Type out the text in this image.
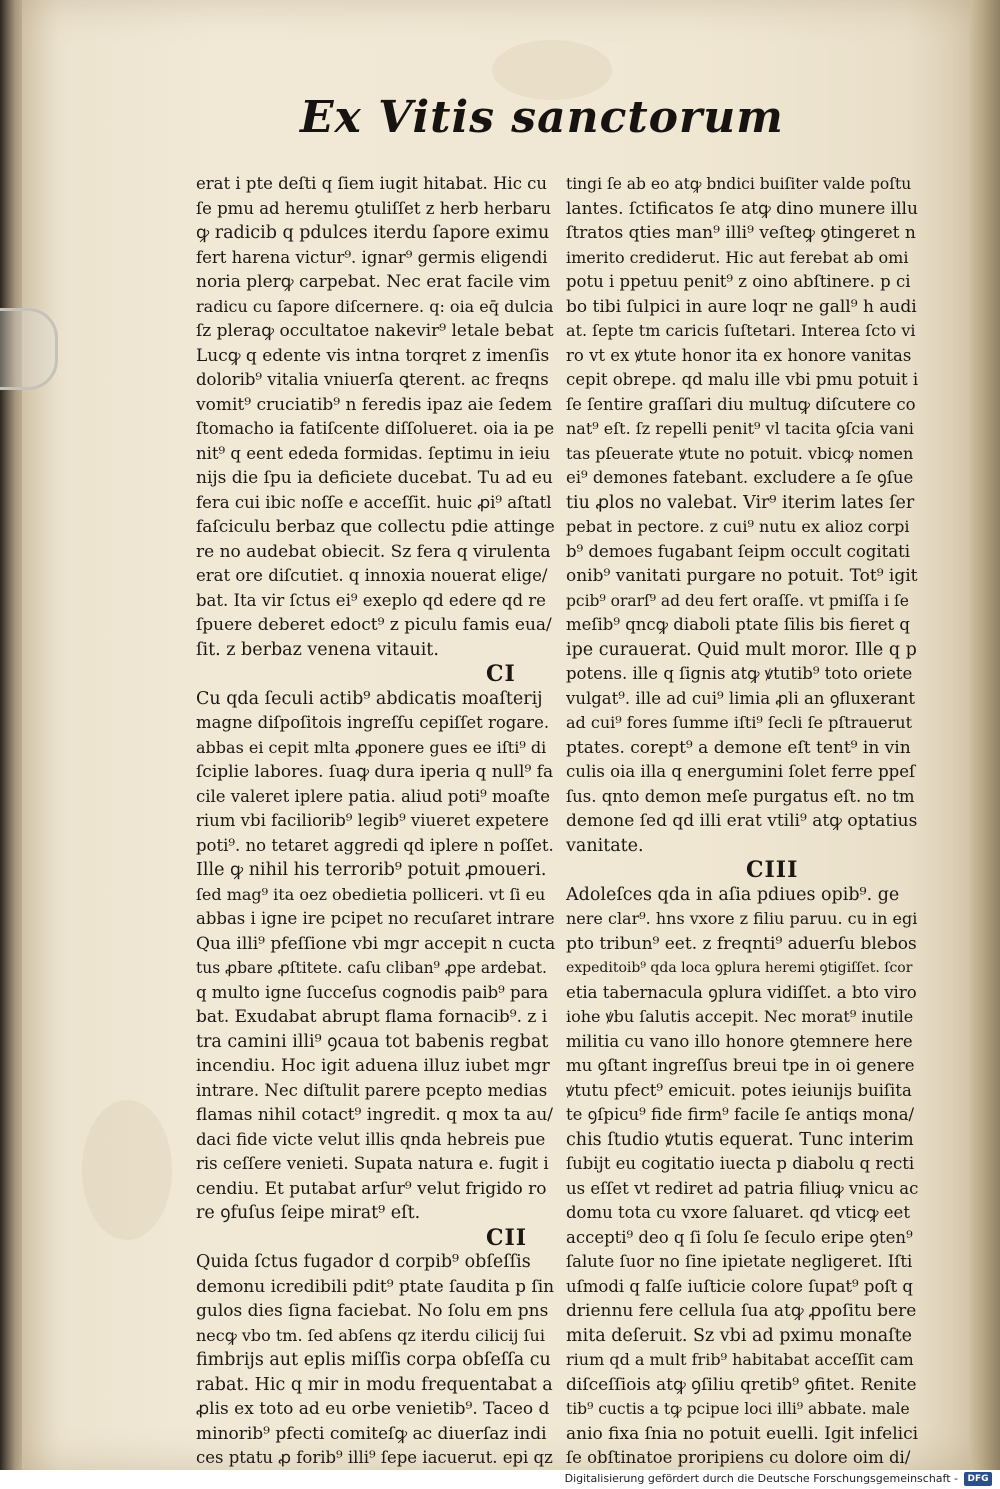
Ex Vitis sanctorum
erat i pte deſti q ſiem iugit hitabat. Hic cu
ſe pmu ad heremu ꝯtuliſſet z herb herbaru
ꝙ radicib q pdulces iterdu ſapore eximu
fert harena victur⁹. ignar⁹ germis eligendi
noria plerꝙ carpebat. Nec erat facile vim
radicu cu ſapore diſcernere. q: oia eq̄ dulcia
ſz pleraꝙ occultatoe nakevir⁹ letale bebat
Lucꝙ q edente vis intna torqret z imenſis
dolorib⁹ vitalia vniuerſa ꝗterent. ac freqns
vomit⁹ cruciatib⁹ n feredis ipaz aie ſedem
ſtomacho ia fatiſcente diſſolueret. oia ia pe
nit⁹ q eent ededa formidas. ſeptimu in ieiu
nijs die ſpu ia deficiete ducebat. Tu ad eu
fera cui ibic noſſe e acceſſit. huic ꝓi⁹ aſtatl
faſciculu berbaz que collectu pdie attinge
re no audebat obiecit. Sz fera q virulenta
erat ore diſcutiet. q innoxia nouerat elige/
bat. Ita vir ſctus ei⁹ exeplo qd edere qd re
ſpuere deberet edoct⁹ z piculu famis eua/
ſit. z berbaz venena vitauit.
CI
Cu qda ſeculi actib⁹ abdicatis moaſterij
magne diſpoſitois ingreſſu cepiſſet rogare.
abbas ei cepit mlta ꝓponere gues ee iſti⁹ di
ſciplie labores. ſuaꝙ dura iperia q null⁹ fa
cile valeret iplere patia. aliud poti⁹ moaſte
rium vbi faciliorib⁹ legib⁹ viueret expetere
poti⁹. no tetaret aggredi qd iplere n poſſet.
Ille ꝙ nihil his terrorib⁹ potuit ꝓmoueri.
ſed mag⁹ ita oez obedietia polliceri. vt ſi eu
abbas i igne ire pcipet no recuſaret intrare
Qua illi⁹ pfeſſione vbi mgr accepit n cucta
tus ꝓbare ꝓſtitete. caſu cliban⁹ ꝓpe ardebat.
q multo igne ſucceſus cognodis paib⁹ para
bat. Exudabat abrupt flama fornacib⁹. z i
tra camini illi⁹ ꝯcaua tot babenis regbat
incendiu. Hoc igit aduena illuz iubet mgr
intrare. Nec diſtulit parere pcepto medias
flamas nihil cotact⁹ ingredit. q mox ta au/
daci fide victe velut illis qnda hebreis pue
ris ceſſere venieti. Supata natura e. fugit i
cendiu. Et putabat arſur⁹ velut frigido ro
re ꝯfuſus ſeipe mirat⁹ eſt.
CII
Quida ſctus fugador d corpib⁹ obſeſſis
demonu icredibili pdit⁹ ptate ſaudita p ſin
gulos dies ſigna faciebat. No ſolu em pns
necꝙ vbo tm. ſed abſens qz iterdu cilicij ſui
fimbrijs aut eplis miſſis corpa obſeſſa cu
rabat. Hic q mir in modu frequentabat a
ꝓlis ex toto ad eu orbe venietib⁹. Taceo d
minorib⁹ pfecti comiteſꝙ ac diuerſaz indi
ces ptatu ꝓ forib⁹ illi⁹ ſepe iacuerut. epi qz
tingi ſe ab eo atꝙ bndici buiſiter valde poſtu
lantes. ſctificatos ſe atꝙ dino munere illu
ſtratos qties man⁹ illi⁹ veſteꝙ ꝯtingeret n
imerito crediderut. Hic aut ferebat ab omi
potu i ppetuu penit⁹ z oino abſtinere. p ci
bo tibi ſulpici in aure loqr ne gall⁹ h audi
at. ſepte tm caricis ſuſtetari. Interea ſcto vi
ro vt ex ꝟtute honor ita ex honore vanitas
cepit obrepe. qd malu ille vbi pmu potuit i
ſe ſentire graſſari diu multuꝙ diſcutere co
nat⁹ eſt. ſz repelli penit⁹ vl tacita ꝯſcia vani
tas pſeuerate ꝟtute no potuit. vbicꝙ nomen
ei⁹ demones fatebant. excludere a ſe ꝯſue
tiu ꝓlos no valebat. Vir⁹ iterim lates ſer
pebat in pectore. z cui⁹ nutu ex alioz corpi
b⁹ demoes fugabant ſeipm occult cogitati
onib⁹ vanitati purgare no potuit. Tot⁹ igit
pcib⁹ orarſ⁹ ad deu fert oraſſe. vt pmiſſa i ſe
meſib⁹ qncꝙ diaboli ptate ſilis bis fieret q
ipe curauerat. Quid mult moror. Ille q p
potens. ille q ſignis atꝙ ꝟtutib⁹ toto oriete
vulgat⁹. ille ad cui⁹ limia ꝓli an ꝯfluxerant
ad cui⁹ fores ſumme iſti⁹ ſecli ſe pſtrauerut
ptates. corept⁹ a demone eſt tent⁹ in vin
culis oia illa q energumini ſolet ferre ppeſ
ſus. qnto demon meſe purgatus eſt. no tm
demone ſed qd illi erat vtili⁹ atꝙ optatius
vanitate.
CIII
Adoleſces qda in aſia pdiues opib⁹. ge
nere clar⁹. hns vxore z filiu paruu. cu in egi
pto tribun⁹ eet. z freqnti⁹ aduerſu blebos
expeditoib⁹ qda loca ꝯplura heremi ꝯtigiſſet. ſcor
etia tabernacula ꝯplura vidiſſet. a bto viro
iohe ꝟbu ſalutis accepit. Nec morat⁹ inutile
militia cu vano illo honore ꝯtemnere here
mu ꝯſtant ingreſſus breui tpe in oi genere
ꝟtutu pfect⁹ emicuit. potes ieiunijs buiſita
te ꝯſpicu⁹ fide firm⁹ facile ſe antiqs mona/
chis ſtudio ꝟtutis equerat. Tunc interim
ſubijt eu cogitatio iuecta p diabolu q recti
us eſſet vt rediret ad patria filiuꝙ vnicu ac
domu tota cu vxore ſaluaret. qd vticꝙ eet
accepti⁹ deo q ſi ſolu ſe ſeculo eripe ꝯten⁹
ſalute ſuor no ſine ipietate negligeret. Iſti
uſmodi q falſe iuſticie colore ſupat⁹ poſt q
driennu fere cellula ſua atꝙ ꝓpoſitu bere
mita deſeruit. Sz vbi ad pximu monaſte
rium qd a mult frib⁹ habitabat acceſſit cam
diſceſſiois atꝙ ꝯſiliu qretib⁹ ꝯfitet. Renite
tib⁹ cuctis a tꝙ pcipue loci illi⁹ abbate. male
anio fixa ſnia no potuit euelli. Igit infelici
ſe obſtinatoe proripiens cu dolore oim di/
Digitalisierung gefördert durch die Deutsche Forschungsgemeinschaft -	DFG
